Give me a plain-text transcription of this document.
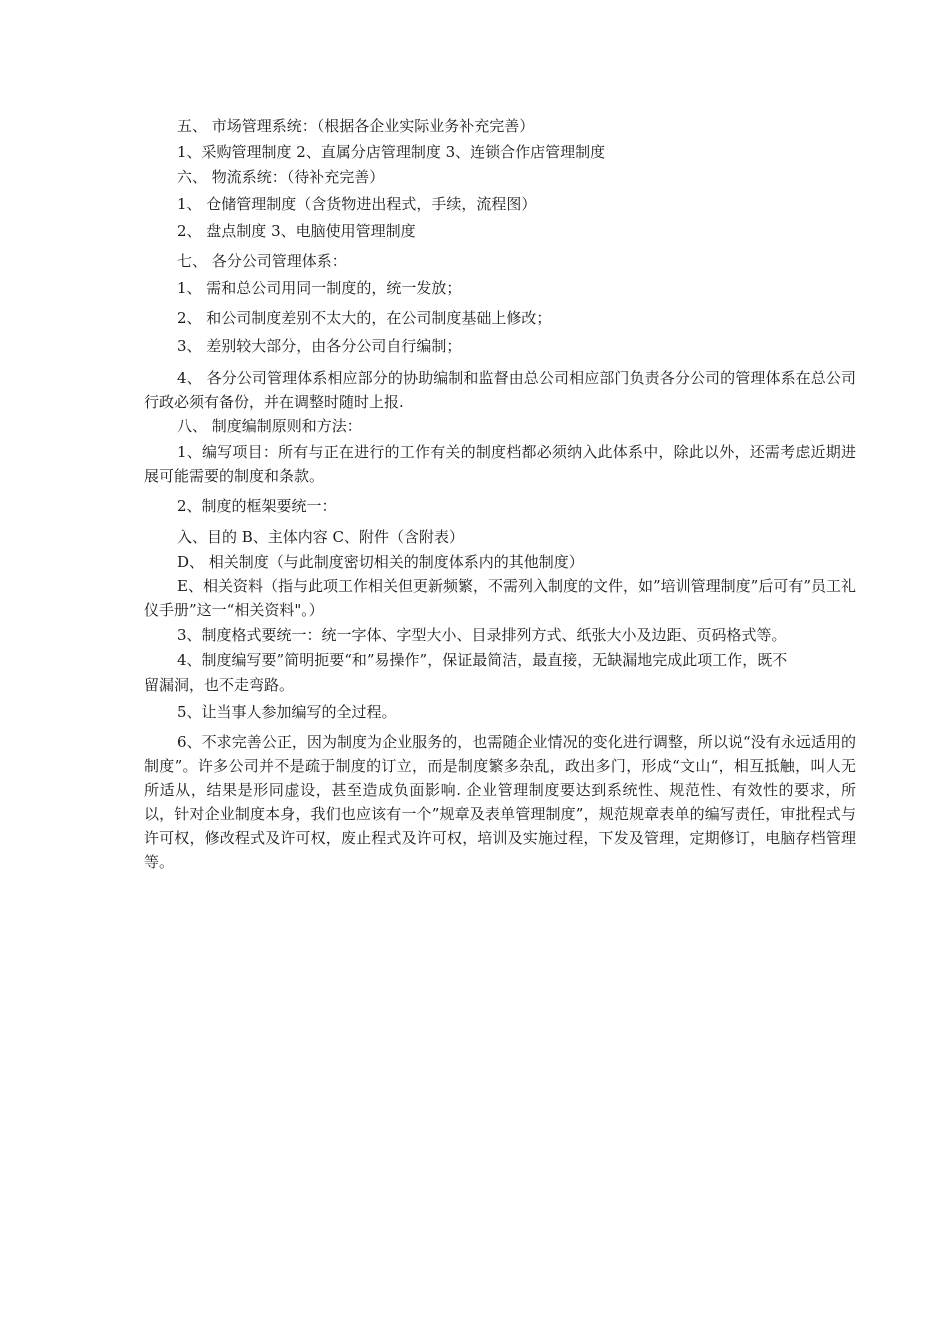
五、 市场管理系统：（根据各企业实际业务补充完善）

1、采购管理制度 2、直属分店管理制度 3、连锁合作店管理制度

六、 物流系统：（待补充完善）

1、 仓储管理制度（含货物进出程式，手续，流程图）

2、 盘点制度 3、电脑使用管理制度

七、 各分公司管理体系：

1、 需和总公司用同一制度的，统一发放；

2、 和公司制度差别不太大的，在公司制度基础上修改；

3、 差别较大部分，由各分公司自行编制；

4、 各分公司管理体系相应部分的协助编制和监督由总公司相应部门负责各分公司的管理体系在总公司行政必须有备份，并在调整时随时上报.

八、 制度编制原则和方法：

1、编写项目：所有与正在进行的工作有关的制度档都必须纳入此体系中，除此以外，还需考虑近期进展可能需要的制度和条款。

2、制度的框架要统一：

入、目的 B、主体内容 C、附件（含附表）

D、 相关制度（与此制度密切相关的制度体系内的其他制度）

E、相关资料（指与此项工作相关但更新频繁，不需列入制度的文件，如”培训管理制度”后可有”员工礼仪手册”这一“相关资料"。）

3、制度格式要统一：统一字体、字型大小、目录排列方式、纸张大小及边距、页码格式等。

4、制度编写要”简明扼要“和”易操作”，保证最简洁，最直接，无缺漏地完成此项工作，既不

留漏洞，也不走弯路。

5、让当事人参加编写的全过程。

6、不求完善公正，因为制度为企业服务的，也需随企业情况的变化进行调整，所以说“没有永远适用的制度”。许多公司并不是疏于制度的订立，而是制度繁多杂乱，政出多门，形成“文山“，相互抵触，叫人无所适从，结果是形同虚设，甚至造成负面影响. 企业管理制度要达到系统性、规范性、有效性的要求，所以，针对企业制度本身，我们也应该有一个”规章及表单管理制度”，规范规章表单的编写责任，审批程式与许可权，修改程式及许可权，废止程式及许可权，培训及实施过程，下发及管理，定期修订，电脑存档管理等。
